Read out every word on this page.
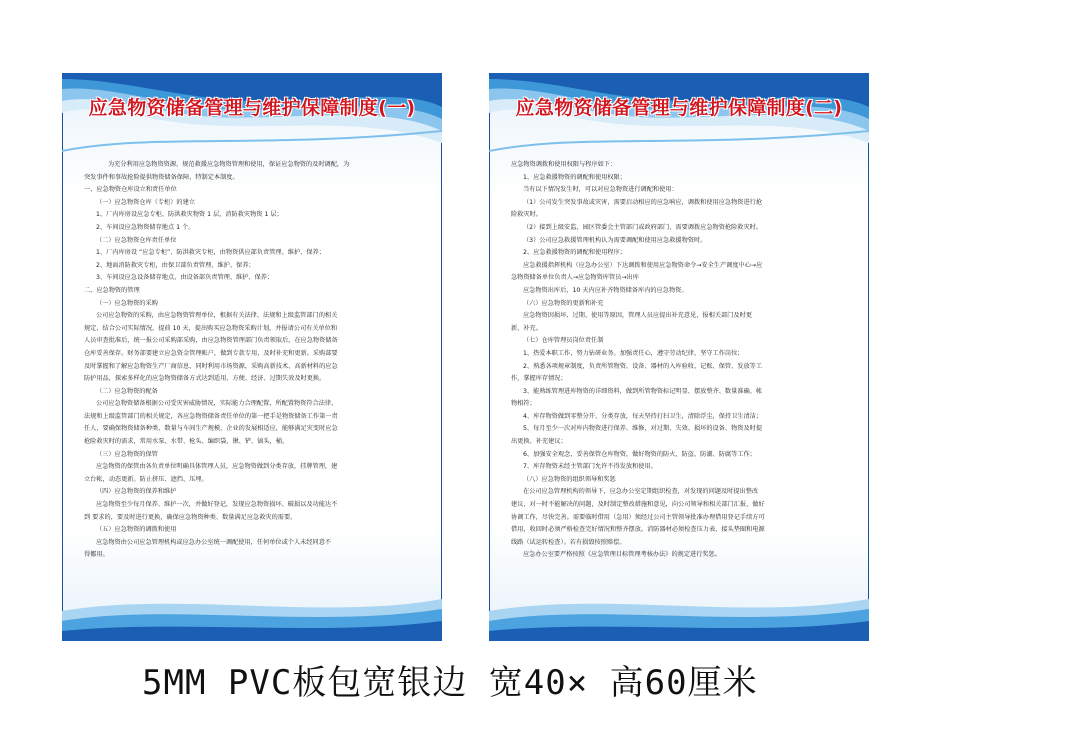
应急物资储备管理与维护保障制度(一)

为充分利用应急物资资源，规范救援应急物资管理和使用，保证应急物资的及时调配，为

突发事件和事故抢险提供物资储备保障，特制定本制度。

一、应急物资仓库设立和责任单位

（一）应急物资仓库（专柜）的建立

1、厂内库房设应急专柜、防洪救灾物资 1 层，消防救灾物资 1 层；

2、车间设应急物资储存地点 1 个。

（二）应急物资仓库责任单位

1、厂内库房设 “应急专柜”、防洪救灾专柜，由物资供应部负责管理、维护、保养；

2、地面消防救灾专柜，由保卫部负责管理、维护、保养；

3、车间设应急设备储存地点，由设备部负责管理、维护、保养；

二、应急物资的管理

（一）应急物资的采购

公司应急物资的采购，由应急物资管理单位，根据有关法律、法规和上级监管部门的相关

规定，结合公司实际情况，提前 10 天，提出购买应急物资采购计划，并报请公司有关单位和

人员审查批准后，统一报公司采购部采购，由应急物资管理部门负责领取后，在应急物资储备

仓库妥善保存。财务部要建立应急资金管理帐户，做到专款专用，及时补充和更新。采购部要

及时掌握和了解应急物资生产厂商信息，同时利用市场资源，采购高新技术、高新材料的应急

防护用品，探索多样化的应急物资储备方式达到适用、方便、经济、过期失效及时更换。

（二）应急物资的配备

公司应急物资储备根据公司受灾害威胁情况，实际能力合理配置，所配置物资符合法律、

法规和上级监管部门的相关规定，各应急物资储备责任单位的第一把手是物资储备工作第一责

任人，要确保物资储备种类、数量与车间生产规模、企业的发展相适应，能够满足灾变时应急

抢险救灾时的需求，常用水泵、水带、枪头、编织袋、锹、铲、镐头，桶。

（三）应急物资的保管

应急物资的保管由各负责单位明确具体管理人员，应急物资做到分类存放，挂牌管理，建

立台帐，动态更新。防止挤压、遮挡、压埋。

（四）应急物资的保养和维护

应急物资至少每月保养、维护一次，并做好登记，发现应急物资损坏、破损以及功能达不

到 要求的，要及时进行更换，确保应急物资种类、数量满足应急救灾的需要。

（五）应急物资的调拨和使用

应急物资由公司应急管理机构或应急办公室统一调配使用，任何单位或个人未经同意不

得挪用。

应急物资储备管理与维护保障制度(二)

应急物资调拨和使用权限与程序如下：

1、应急救援物资的调配和使用权限；

当有以下情况发生时，可以对应急物资进行调配和使用：

（1）公司发生突发事故或灾害，需要启动相应的应急响应，调拨和使用应急物资进行抢

险救灾时。

（2）接到上级安监、园区管委会主管部门或政府部门，需要调拨应急物资抢险救灾时。

（3）公司应急救援管理机构认为需要调配和使用应急救援物资时。

2、应急救援物资的调配和使用程序；

应急救援指挥机构（应急办公室）下达调拨和使用应急物资命令→安全生产调度中心→应

急物资储备单位负责人→应急物资库管员→出库

应急物资出库后，10 天内应补齐物资储备库内的应急物资。

（六）应急物资的更新和补充

应急物资因损坏、过期、使用等原因，管理人员应提出补充意见，报相关部门及时更

新、补充。

（七）仓库管理员岗位责任制

1、热爱本职工作，努力钻研业务。加强责任心，遵守劳动纪律，坚守工作岗位；

2、熟悉各项规章制度，负责所管物资、设备、器材的入库验收、记账、保管、发放等工

作，掌握库存情况；

3、能熟练管理进库物资的详细资料，做到所管物资标记明显、摆放整齐、数量准确、帐

物相符；

4、库存物资做到零整分开、分类存放，每天坚持打扫卫生，清除浮尘，保持卫生清洁；

5、每月至少一次对库内物资进行保养、维修，对过期、失效、损坏的设备、物资及时提

出更换、补充建议；

6、加强安全观念，妥善保管仓库物资，做好物资的防火、防盗、防潮、防腐等工作；

7、库存物资未经主管部门允许不得发放和使用。

（八）应急物资的组织领导和奖惩

在公司应急管理机构的领导下，应急办公室定期组织检查，对发现的问题及时提出整改

建议，对一时不能解决的问题，及时制定整改措施和意见，向公司领导和相关部门汇报，做好

协调工作，尽快完善。需要临时借用（急用）须经过公司主管领导批准办理借用登记手续方可

借用，收回时必须严格检查完好情况和整齐摆放。消防器材必须检查压力表、接头垫圈和电源

线路（试运转检查）。若有损毁按照赔偿。

应急办公室要严格按照《应急管理目标管理考核办法》的规定进行奖惩。

5MM PVC板包宽银边 宽40× 高60厘米
